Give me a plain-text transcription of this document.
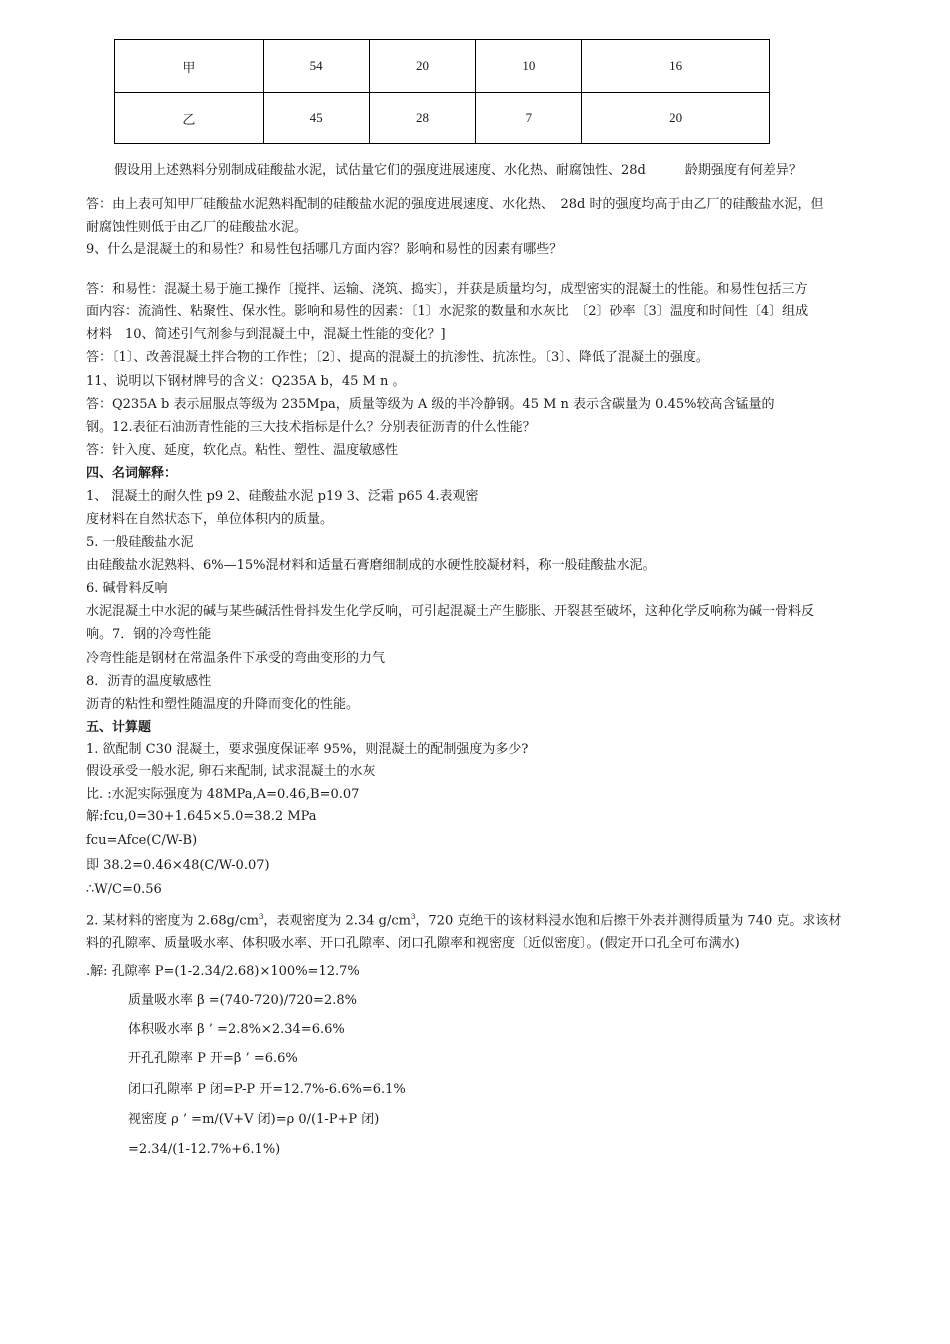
甲	54	20	10	16
乙	45	28	7	20
假设用上述熟料分别制成硅酸盐水泥，试估量它们的强度进展速度、水化热、耐腐蚀性、28d　　　龄期强度有何差异？
答：由上表可知甲厂硅酸盐水泥熟料配制的硅酸盐水泥的强度进展速度、水化热、　28d 时的强度均高于由乙厂的硅酸盐水泥，但
耐腐蚀性则低于由乙厂的硅酸盐水泥。
9、什么是混凝土的和易性？和易性包括哪几方面内容？影响和易性的因素有哪些？
答：和易性：混凝土易于施工操作〔搅拌、运输、浇筑、捣实〕，并获是质量均匀，成型密实的混凝土的性能。和易性包括三方
面内容：流淌性、粘聚性、保水性。影响和易性的因素：〔1〕水泥浆的数量和水灰比　〔2〕砂率〔3〕温度和时间性〔4〕组成
材料　10、简述引气剂参与到混凝土中，混凝土性能的变化？]
答：〔1〕、改善混凝土拌合物的工作性；〔2〕、提高的混凝土的抗渗性、抗冻性。〔3〕、降低了混凝土的强度。
11、说明以下钢材牌号的含义：Q235A b，45 M n 。
答：Q235A b 表示屈服点等级为 235Mpa，质量等级为 A 级的半冷静钢。45 M n 表示含碳量为 0.45%较高含锰量的
钢。12.表征石油沥青性能的三大技术指标是什么？分别表征沥青的什么性能？
答：针入度、延度，软化点。粘性、塑性、温度敏感性
四、名词解释：
1、 混凝土的耐久性 p9 2、硅酸盐水泥 p19 3、泛霜 p65 4.表观密
度材料在自然状态下，单位体积内的质量。
5. 一般硅酸盐水泥
由硅酸盐水泥熟料、6%—15%混材料和适量石膏磨细制成的水硬性胶凝材料，称一般硅酸盐水泥。
6. 碱骨料反响
水泥混凝土中水泥的碱与某些碱活性骨抖发生化学反响，可引起混凝土产生膨胀、开裂甚至破坏，这种化学反响称为碱一骨料反
响。7．钢的冷弯性能
冷弯性能是钢材在常温条件下承受的弯曲变形的力气
8．沥青的温度敏感性
沥青的粘性和塑性随温度的升降而变化的性能。
五、计算题
1. 欲配制 C30 混凝土，要求强度保证率 95%，则混凝土的配制强度为多少?
假设承受一般水泥, 卵石来配制, 试求混凝土的水灰
比. :水泥实际强度为 48MPa,A=0.46,B=0.07
解:fcu,0=30+1.645×5.0=38.2 MPa
fcu=Afce(C/W-B)
即 38.2=0.46×48(C/W-0.07)
∴W/C=0.56
2. 某材料的密度为 $2.68g/cm^3$，表观密度为 2.34 $g/cm^3$，720 克绝干的该材料浸水饱和后擦干外表并测得质量为 740 克。求该材
料的孔隙率、质量吸水率、体积吸水率、开口孔隙率、闭口孔隙率和视密度〔近似密度〕。(假定开口孔全可布满水)
.解: 孔隙率 P=(1-2.34/2.68)×100%=12.7%
质量吸水率 β =(740-720)/720=2.8%
体积吸水率 β ’ =2.8%×2.34=6.6%
开孔孔隙率 P 开=β ’ =6.6%
闭口孔隙率 P 闭=P-P 开=12.7%-6.6%=6.1%
视密度 ρ ’ =m/(V+V 闭)=ρ 0/(1-P+P 闭)
=2.34/(1-12.7%+6.1%)
